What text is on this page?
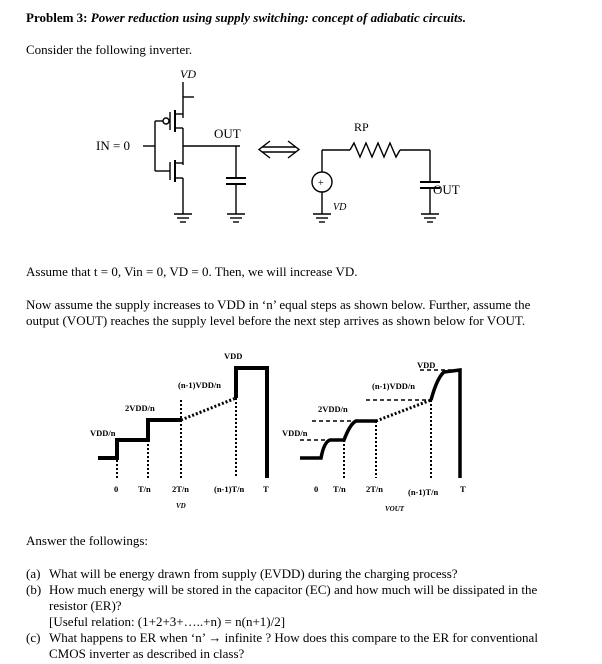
Problem 3: Power reduction using supply switching: concept of adiabatic circuits.
Consider the following inverter.
VD
IN = 0
OUT	RP
+
VD
OUT
VDD
(n-1)VDD/n
2VDD/n
VDD/n
0 T/n 2T/n	(n-1)T/n T
VD
VDD
(n-1)VDD/n
2VDD/n
VDD/n
0 T/n 2T/n	(n-1)T/n	T
VOUT
Assume that t = 0, Vin = 0, VD = 0. Then, we will increase VD.
Now assume the supply increases to VDD in ‘n’ equal steps as shown below. Further, assume the
output (VOUT) reaches the supply level before the next step arrives as shown below for VOUT.
Answer the followings:
(a) What will be energy drawn from supply (EVDD) during the charging process?
(b) How much energy will be stored in the capacitor (EC) and how much will be dissipated in the
resistor (ER)?
[Useful relation: (1+2+3+…..+n) = n(n+1)/2]
(c) What happens to ER when ‘n’ → infinite ? How does this compare to the ER for conventional
CMOS inverter as described in class?
